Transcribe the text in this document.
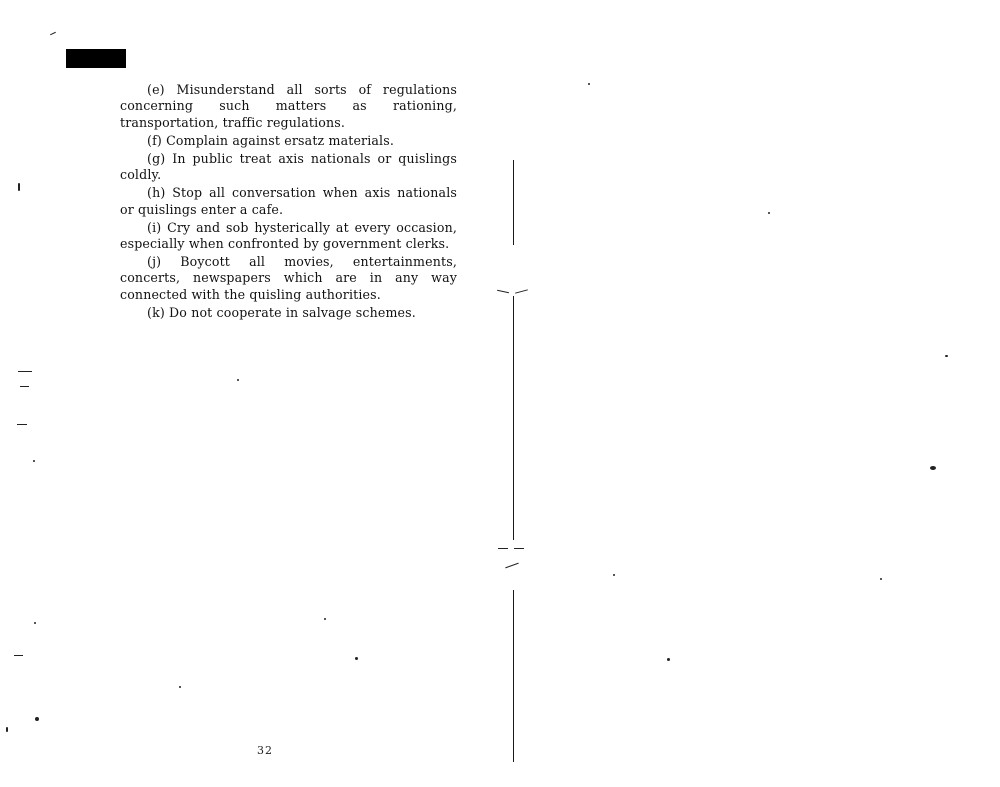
(e) Misunderstand all sorts of regulations concerning such matters as rationing, transportation, traffic regulations.

(f) Complain against ersatz materials.

(g) In public treat axis nationals or quislings coldly.

(h) Stop all conversation when axis nationals or quislings enter a cafe.

(i) Cry and sob hysterically at every occasion, especially when confronted by government clerks.

(j) Boycott all movies, entertainments, concerts, newspapers which are in any way connected with the quisling authorities.

(k) Do not cooperate in salvage schemes.

32
